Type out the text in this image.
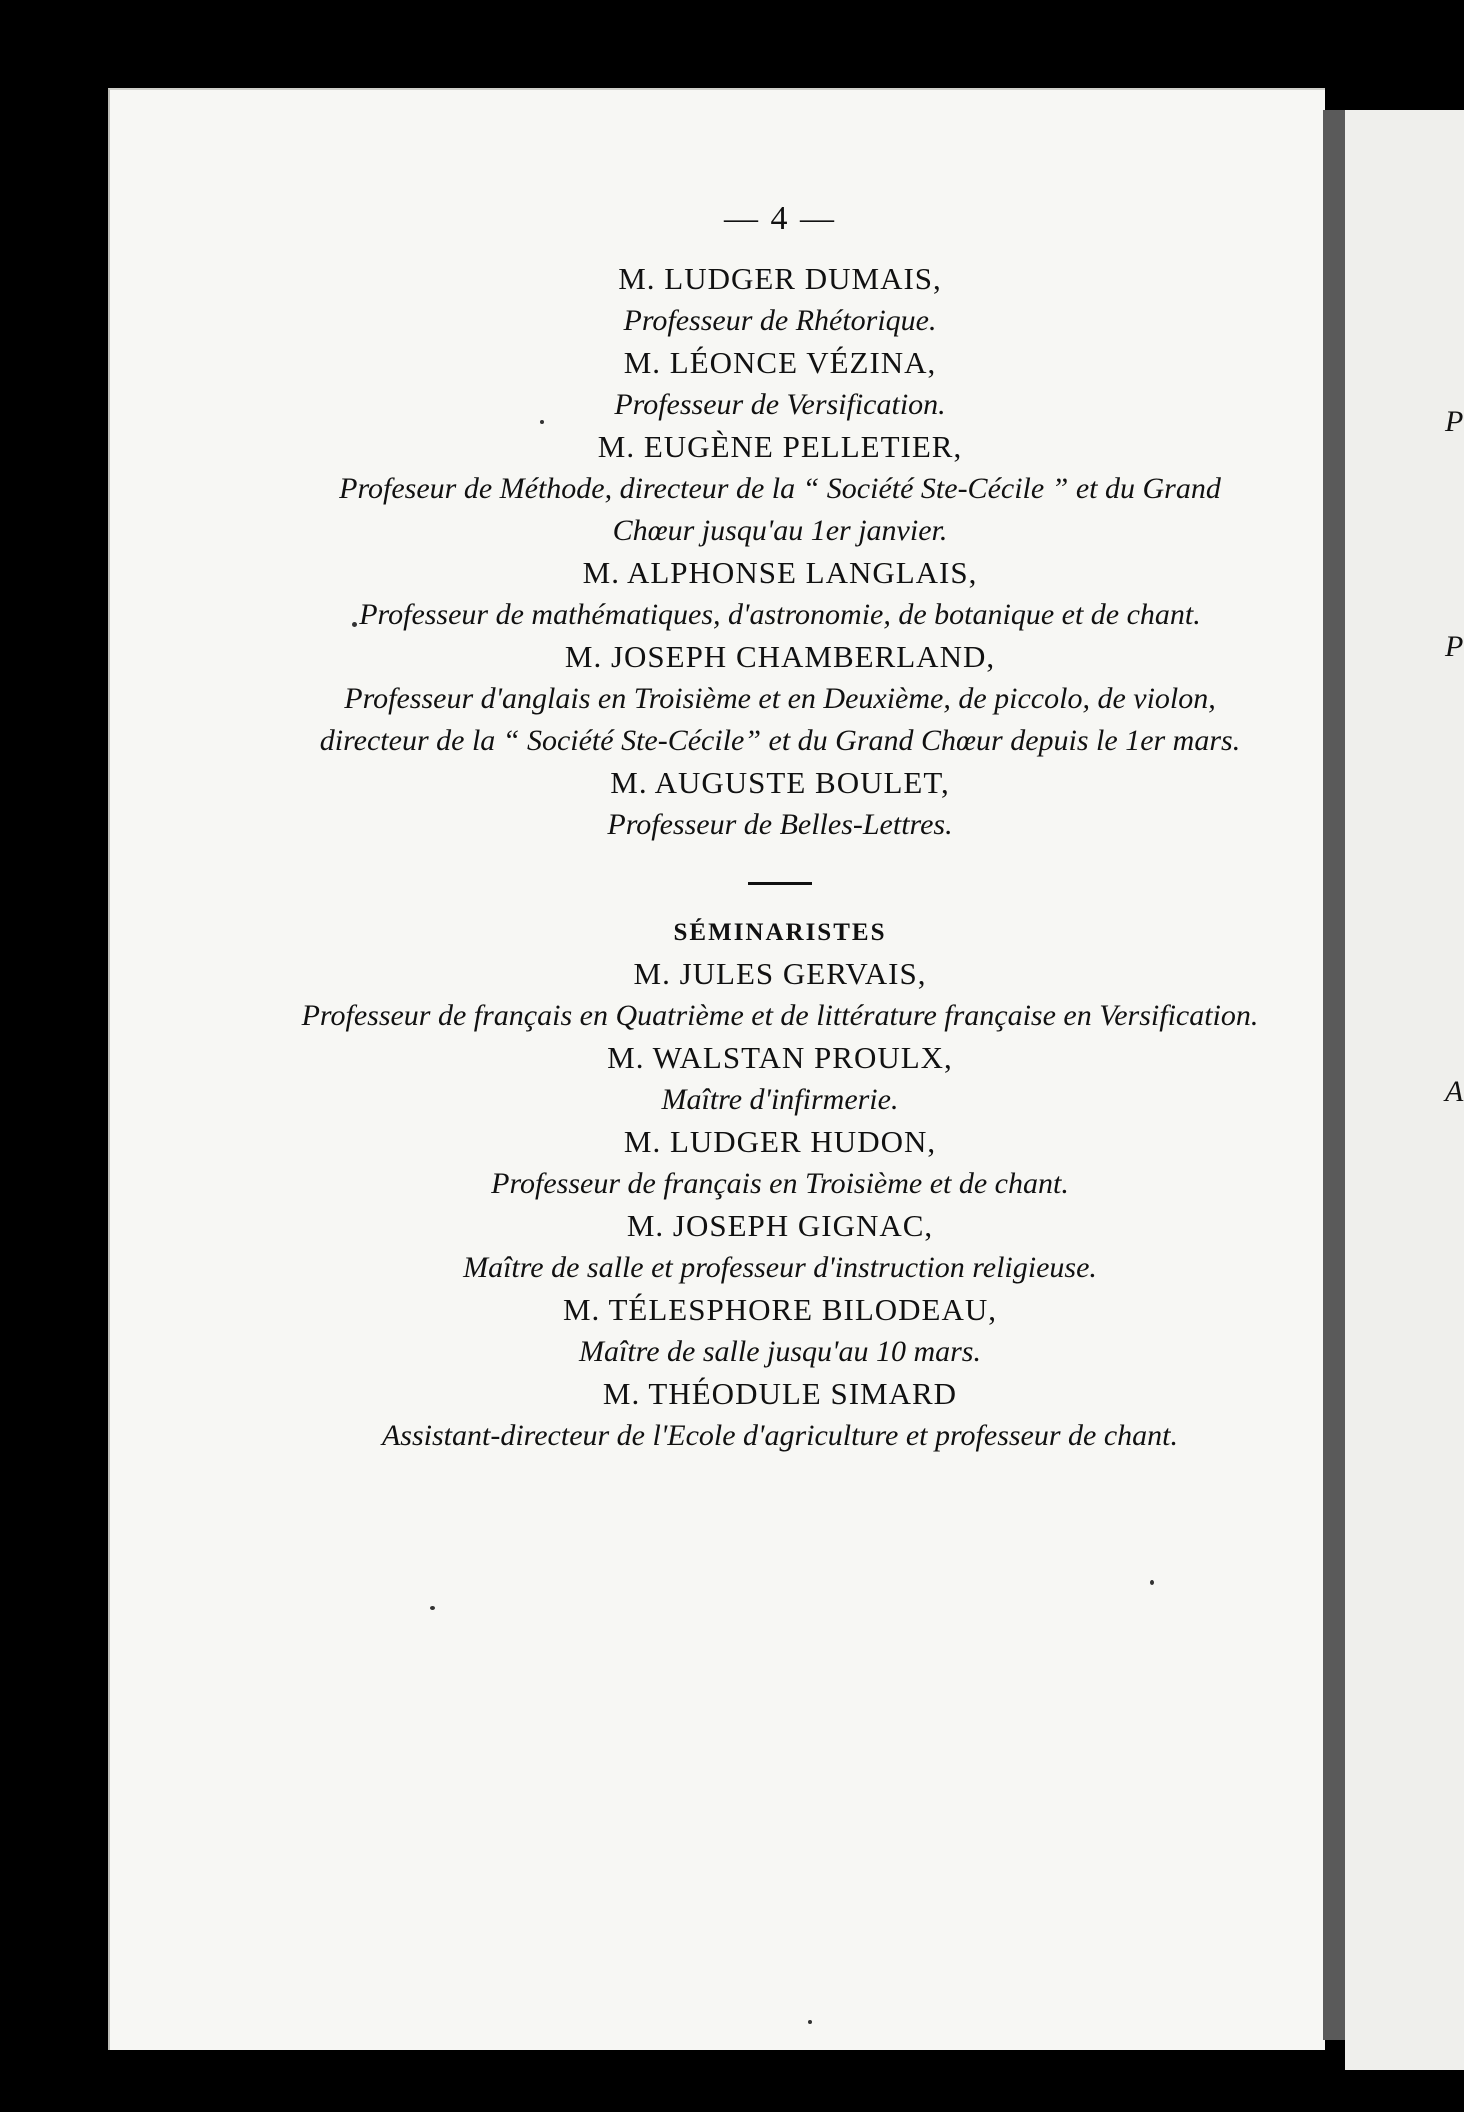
P
P
A
— 4 —
M. LUDGER DUMAIS,
Professeur de Rhétorique.
M. LÉONCE VÉZINA,
Professeur de Versification.
M. EUGÈNE PELLETIER,
Profeseur de Méthode, directeur de la “ Société Ste-Cécile ” et du Grand Chœur jusqu'au 1er janvier.
M. ALPHONSE LANGLAIS,
Professeur de mathématiques, d'astronomie, de botanique et de chant.
M. JOSEPH CHAMBERLAND,
Professeur d'anglais en Troisième et en Deuxième, de piccolo, de violon, directeur de la “ Société Ste-Cécile” et du Grand Chœur depuis le 1er mars.
M. AUGUSTE BOULET,
Professeur de Belles-Lettres.
SÉMINARISTES
M. JULES GERVAIS,
Professeur de français en Quatrième et de littérature française en Versification.
M. WALSTAN PROULX,
Maître d'infirmerie.
M. LUDGER HUDON,
Professeur de français en Troisième et de chant.
M. JOSEPH GIGNAC,
Maître de salle et professeur d'instruction religieuse.
M. TÉLESPHORE BILODEAU,
Maître de salle jusqu'au 10 mars.
M. THÉODULE SIMARD
Assistant-directeur de l'Ecole d'agriculture et professeur de chant.
